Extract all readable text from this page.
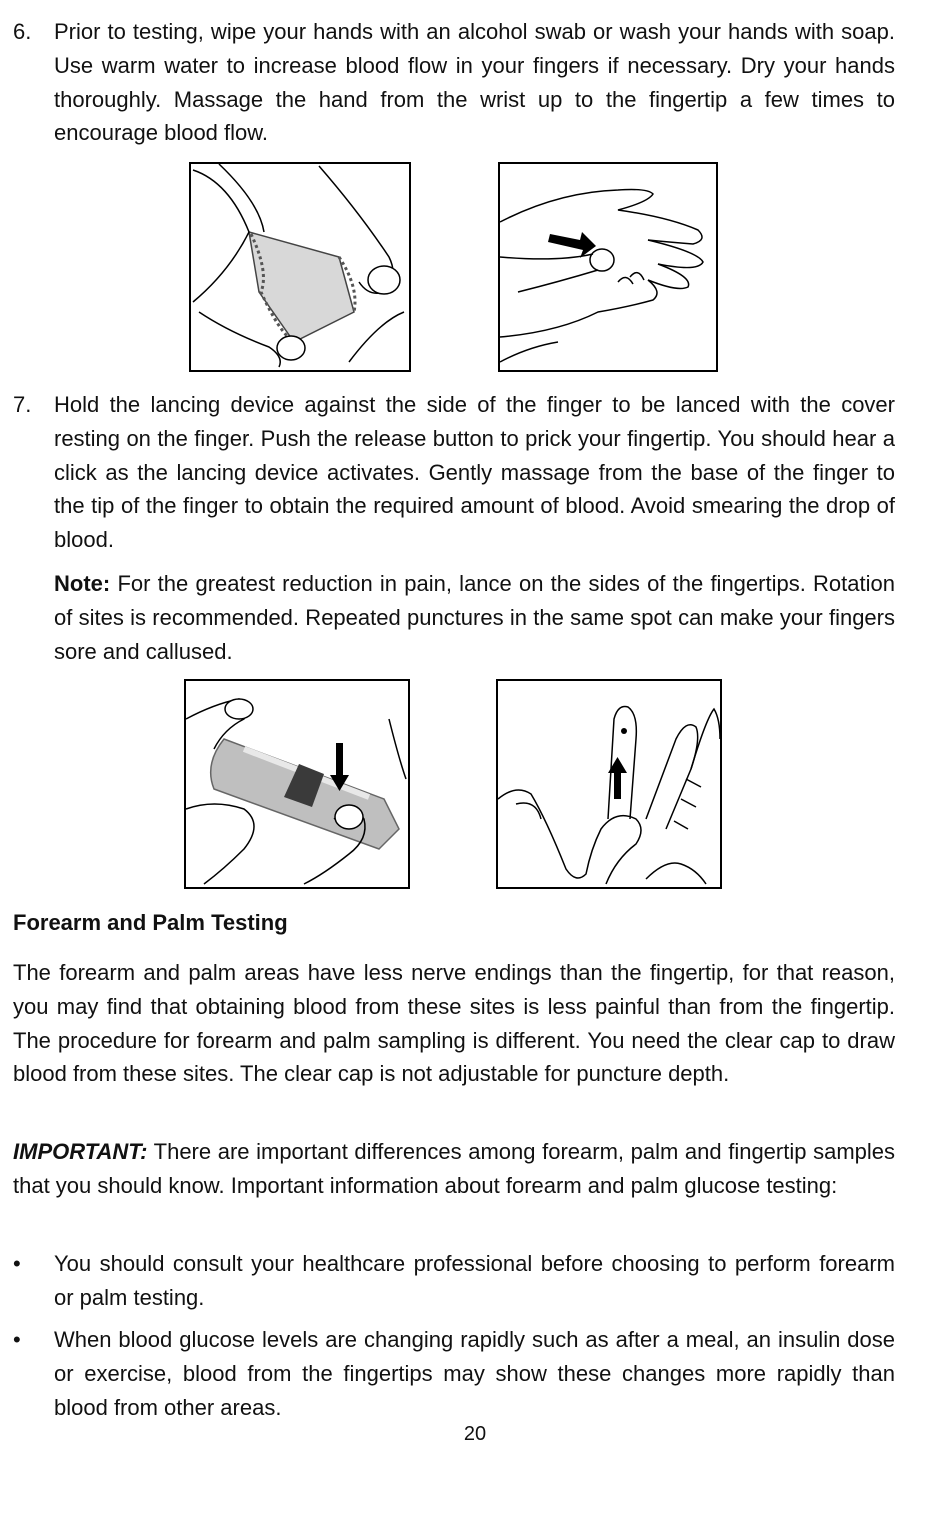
6.	Prior to testing, wipe your hands with an alcohol swab or wash your hands with soap. Use warm water to increase blood flow in your fingers if necessary. Dry your hands thoroughly. Massage the hand from the wrist up to the fingertip a few times to encourage blood flow.

7.	Hold the lancing device against the side of the finger to be lanced with the cover resting on the finger. Push the release button to prick your fingertip. You should hear a click as the lancing device activates. Gently massage from the base of the finger to the tip of the finger to obtain the required amount of blood. Avoid smearing the drop of blood.

Note: For the greatest reduction in pain, lance on the sides of the fingertips. Rotation of sites is recommended. Repeated punctures in the same spot can make your fingers sore and callused.

Forearm and Palm Testing

The forearm and palm areas have less nerve endings than the fingertip, for that reason, you may find that obtaining blood from these sites is less painful than from the fingertip. The procedure for forearm and palm sampling is different. You need the clear cap to draw blood from these sites. The clear cap is not adjustable for puncture depth.

IMPORTANT: There are important differences among forearm, palm and fingertip samples that you should know. Important information about forearm and palm glucose testing:

•	You should consult your healthcare professional before choosing to perform forearm or palm testing.

•	When blood glucose levels are changing rapidly such as after a meal, an insulin dose or exercise, blood from the fingertips may show these changes more rapidly than blood from other areas.

20
